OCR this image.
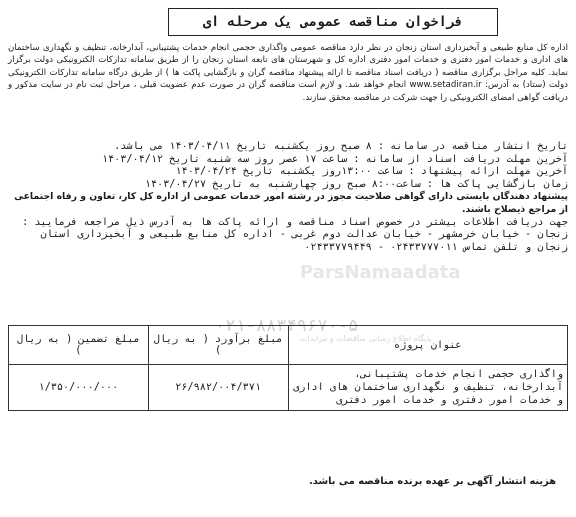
ParsNamaadata
فراخوان مناقصه عمومی یک مرحله ای
اداره کل منابع طبیعی و آبخیزداری استان زنجان در نظر دارد مناقصه عمومی واگذاری حجمی انجام خدمات پشتیبانی، آبدارخانه، تنظیف و نگهداری ساختمان های اداری و خدمات امور دفتری و خدمات امور دفتری اداره کل و شهرستان های تابعه استان زنجان را از طریق سامانه تدارکات الکترونیکی دولت برگزار نماید. کلیه مراحل برگزاری مناقصه ( دریافت اسناد مناقصه تا ارائه پیشنهاد مناقصه گران و بازگشایی پاکت ها ) از طریق درگاه سامانه تدارکات الکترونیکی دولت (ستاد) به آدرس: www.setadiran.ir انجام خواهد شد. و لازم است مناقصه گران در صورت عدم عضویت قبلی ، مراحل ثبت نام در سایت مذکور و دریافت گواهی امضای الکترونیکی را جهت شرکت در مناقصه محقق سازند.
تاریخ انتشار مناقصه در سامانه : ۸ صبح روز یکشنبه تاریخ ۱۴۰۳/۰۴/۱۱ می باشد.
آخرین مهلت دریافت اسناد از سامانه : ساعت ۱۷ عصر روز سه شنبه تاریخ ۱۴۰۳/۰۴/۱۲
آخرین مهلت ارائه پیشنهاد : ساعت ۱۳:۰۰روز یکشنبه تاریخ ۱۴۰۳/۰۴/۲۴
زمان بازگشایی پاکت ها : ساعت۸:۰۰ صبح روز چهارشنبه به تاریخ ۱۴۰۳/۰۴/۲۷
پیشنهاد دهندگان بایستی دارای گواهی صلاحیت مجوز در رشته امور خدمات عمومی از اداره کل کار، تعاون و رفاه اجتماعی از مراجع ذیصلاح باشند.
جهت دریافت اطلاعات بیشتر در خصوص اسناد مناقصه و ارائه پاکت ها به آدرس ذیل مراجعه فرمایید :
زنجان - خیابان خرمشهر - خیابان عدالت دوم غربی - اداره کل منابع طبیعی و آبخیزداری استان زنجان و تلفن تماس ۰۲۴۳۳۷۷۷۰۱۱ - ۰۲۴۳۳۷۷۹۴۴۹
۰۲۱-۸۸۳۴۹۶۷۰-۵
پایگاه اطلاع رسانی مناقصات و مزایدات
عنوان پروژه	مبلغ برآورد ( به ریال )	مبلغ تضمین ( به ریال )
واگذاری حجمی انجام خدمات پشتیبانی، آبدارخانه، تنظیف و نگهداری ساختمان های اداری و خدمات امور دفتری و خدمات امور دفتری	۲۶/۹۸۲/۰۰۴/۳۷۱	۱/۳۵۰/۰۰۰/۰۰۰
هزینه انتشار آگهی بر عهده برنده مناقصه می باشد.
